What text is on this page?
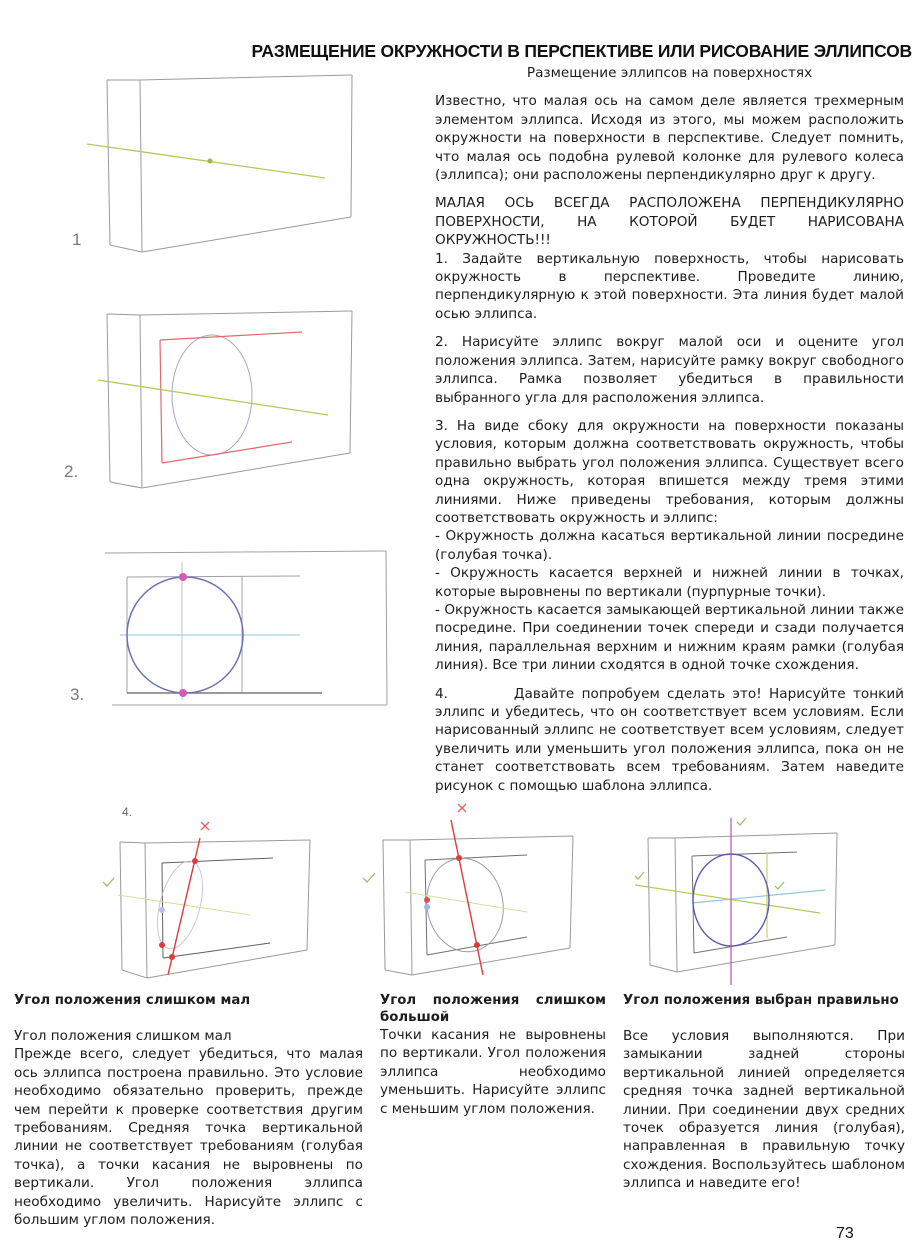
РАЗМЕЩЕНИЕ ОКРУЖНОСТИ В ПЕРСПЕКТИВЕ ИЛИ РИСОВАНИЕ ЭЛЛИПСОВ

Размещение эллипсов на поверхностях

Известно, что малая ось на самом деле является трехмерным элементом эллипса. Исходя из этого, мы можем расположить окружности на поверхности в перспективе. Следует помнить, что малая ось подобна рулевой колонке для рулевого колеса (эллипса); они расположены перпендикулярно друг к другу.

МАЛАЯ ОСЬ ВСЕГДА РАСПОЛОЖЕНА ПЕРПЕНДИКУЛЯРНО ПОВЕРХНОСТИ, НА КОТОРОЙ БУДЕТ НАРИСОВАНА ОКРУЖНОСТЬ!!!

1. Задайте вертикальную поверхность, чтобы нарисовать окружность в перспективе. Проведите линию, перпендикулярную к этой поверхности. Эта линия будет малой осью эллипса.

2. Нарисуйте эллипс вокруг малой оси и оцените угол положения эллипса. Затем, нарисуйте рамку вокруг свободного эллипса. Рамка позволяет убедиться в правильности выбранного угла для расположения эллипса.

3. На виде сбоку для окружности на поверхности показаны условия, которым должна соответствовать окружность, чтобы правильно выбрать угол положения эллипса. Существует всего одна окружность, которая впишется между тремя этими линиями. Ниже приведены требования, которым должны соответствовать окружность и эллипс:

- Окружность должна касаться вертикальной линии посредине (голубая точка).

- Окружность касается верхней и нижней линии в точках, которые выровнены по вертикали (пурпурные точки).

- Окружность касается замыкающей вертикальной линии также посредине. При соединении точек спереди и сзади получается линия, параллельная верхним и нижним краям рамки (голубая линия). Все три линии сходятся в одной точке схождения.

4.         Давайте попробуем сделать это! Нарисуйте тонкий эллипс и убедитесь, что он соответствует всем условиям. Если нарисованный эллипс не соответствует всем условиям, следует увеличить или уменьшить угол положения эллипса, пока он не станет соответствовать всем требованиям. Затем наведите рисунок с помощью шаблона эллипса.

1
2.
3.
4.

Угол положения слишком мал

Угол положения слишком мал

Прежде всего, следует убедиться, что малая ось эллипса построена правильно. Это условие необходимо обязательно проверить, прежде чем перейти к проверке соответствия другим требованиям. Средняя точка вертикальной линии не соответствует требованиям (голубая точка), а точки касания не выровнены по вертикали. Угол положения эллипса необходимо увеличить. Нарисуйте эллипс с большим углом положения.

Угол положения слишком большой

Точки касания не выровнены по вертикали. Угол положения эллипса необходимо уменьшить. Нарисуйте эллипс с меньшим углом положения.

Угол положения выбран правильно

Все условия выполняются. При замыкании задней стороны вертикальной линией определяется средняя точка задней вертикальной линии. При соединении двух средних точек образуется линия (голубая), направленная в правильную точку схождения. Воспользуйтесь шаблоном эллипса и наведите его!

73
